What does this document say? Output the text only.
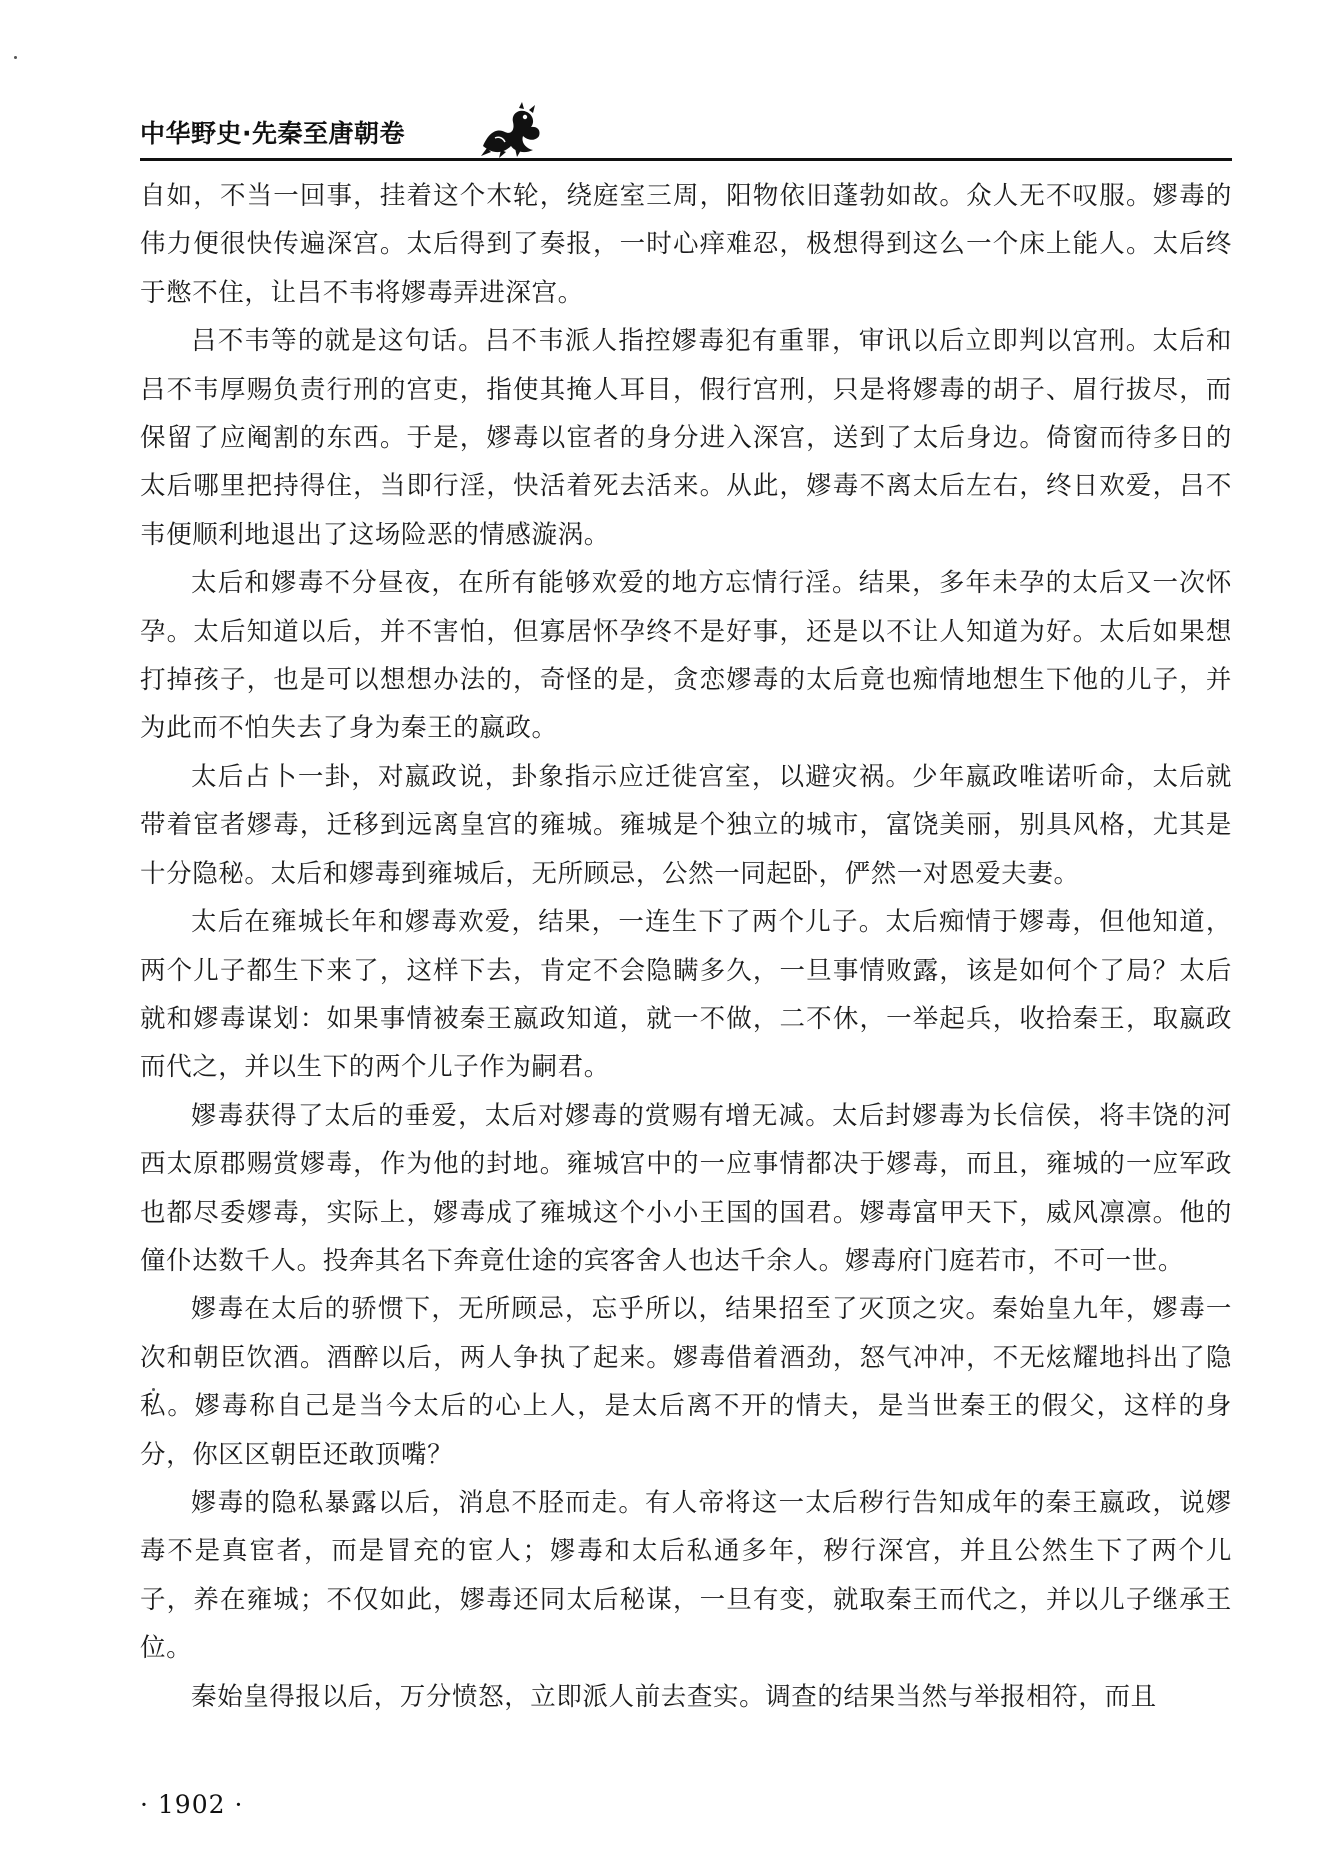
中华野史·先秦至唐朝卷

自如，不当一回事，挂着这个木轮，绕庭室三周，阳物依旧蓬勃如故。众人无不叹服。嫪毒的伟力便很快传遍深宫。太后得到了奏报，一时心痒难忍，极想得到这么一个床上能人。太后终于憋不住，让吕不韦将嫪毒弄进深宫。

吕不韦等的就是这句话。吕不韦派人指控嫪毒犯有重罪，审讯以后立即判以宫刑。太后和吕不韦厚赐负责行刑的宫吏，指使其掩人耳目，假行宫刑，只是将嫪毒的胡子、眉行拔尽，而保留了应阉割的东西。于是，嫪毒以宦者的身分进入深宫，送到了太后身边。倚窗而待多日的太后哪里把持得住，当即行淫，快活着死去活来。从此，嫪毒不离太后左右，终日欢爱，吕不韦便顺利地退出了这场险恶的情感漩涡。

太后和嫪毒不分昼夜，在所有能够欢爱的地方忘情行淫。结果，多年未孕的太后又一次怀孕。太后知道以后，并不害怕，但寡居怀孕终不是好事，还是以不让人知道为好。太后如果想打掉孩子，也是可以想想办法的，奇怪的是，贪恋嫪毒的太后竟也痴情地想生下他的儿子，并为此而不怕失去了身为秦王的嬴政。

太后占卜一卦，对嬴政说，卦象指示应迁徙宫室，以避灾祸。少年嬴政唯诺听命，太后就带着宦者嫪毒，迁移到远离皇宫的雍城。雍城是个独立的城市，富饶美丽，别具风格，尤其是十分隐秘。太后和嫪毒到雍城后，无所顾忌，公然一同起卧，俨然一对恩爱夫妻。

太后在雍城长年和嫪毒欢爱，结果，一连生下了两个儿子。太后痴情于嫪毒，但他知道，两个儿子都生下来了，这样下去，肯定不会隐瞒多久，一旦事情败露，该是如何个了局？太后就和嫪毒谋划：如果事情被秦王嬴政知道，就一不做，二不休，一举起兵，收拾秦王，取嬴政而代之，并以生下的两个儿子作为嗣君。

嫪毒获得了太后的垂爱，太后对嫪毒的赏赐有增无减。太后封嫪毒为长信侯，将丰饶的河西太原郡赐赏嫪毒，作为他的封地。雍城宫中的一应事情都决于嫪毒，而且，雍城的一应军政也都尽委嫪毒，实际上，嫪毒成了雍城这个小小王国的国君。嫪毒富甲天下，威风凛凛。他的僮仆达数千人。投奔其名下奔竟仕途的宾客舍人也达千余人。嫪毒府门庭若市，不可一世。

嫪毒在太后的骄惯下，无所顾忌，忘乎所以，结果招至了灭顶之灾。秦始皇九年，嫪毒一次和朝臣饮酒。酒醉以后，两人争执了起来。嫪毒借着酒劲，怒气冲冲，不无炫耀地抖出了隐私。嫪毒称自己是当今太后的心上人，是太后离不开的情夫，是当世秦王的假父，这样的身分，你区区朝臣还敢顶嘴？

嫪毒的隐私暴露以后，消息不胫而走。有人帝将这一太后秽行告知成年的秦王嬴政，说嫪毒不是真宦者，而是冒充的宦人；嫪毒和太后私通多年，秽行深宫，并且公然生下了两个儿子，养在雍城；不仅如此，嫪毒还同太后秘谋，一旦有变，就取秦王而代之，并以儿子继承王位。

秦始皇得报以后，万分愤怒，立即派人前去查实。调查的结果当然与举报相符，而且

· 1902 ·
